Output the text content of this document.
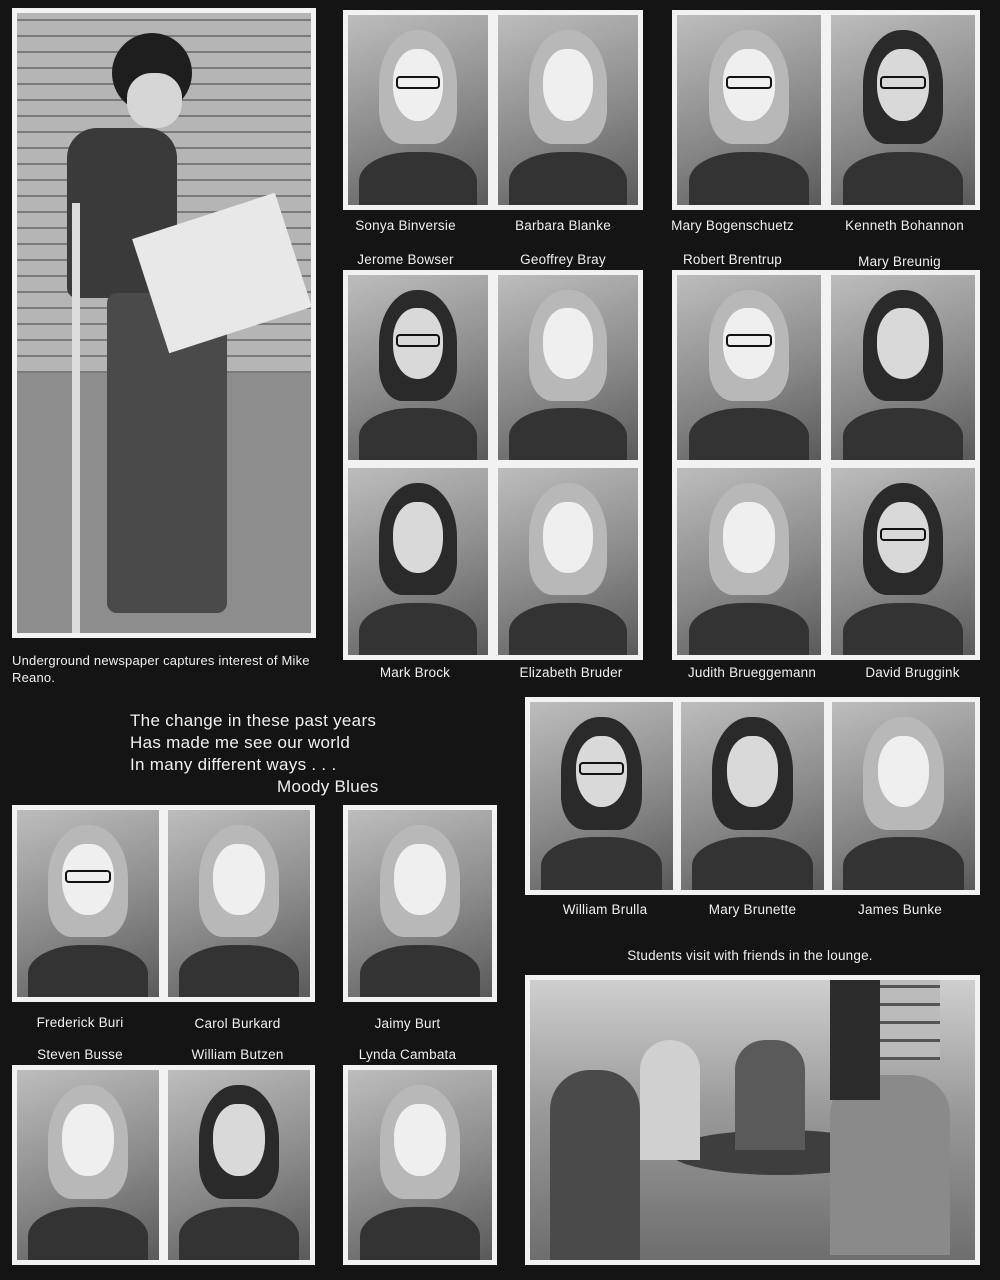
Underground newspaper captures interest of Mike Reano.
Sonya Binversie	Barbara Blanke	Mary Bogenschuetz	Kenneth Bohannon
Jerome Bowser	Geoffrey Bray	Robert Brentrup	Mary Breunig
Mark Brock	Elizabeth Bruder	Judith Brueggemann	David Bruggink
The change in these past years
Has made me see our world
In many different ways . . .
Moody Blues
William Brulla	Mary Brunette	James Bunke
Students visit with friends in the lounge.
Frederick Buri	Carol Burkard	Jaimy Burt
Steven Busse	William Butzen	Lynda Cambata
